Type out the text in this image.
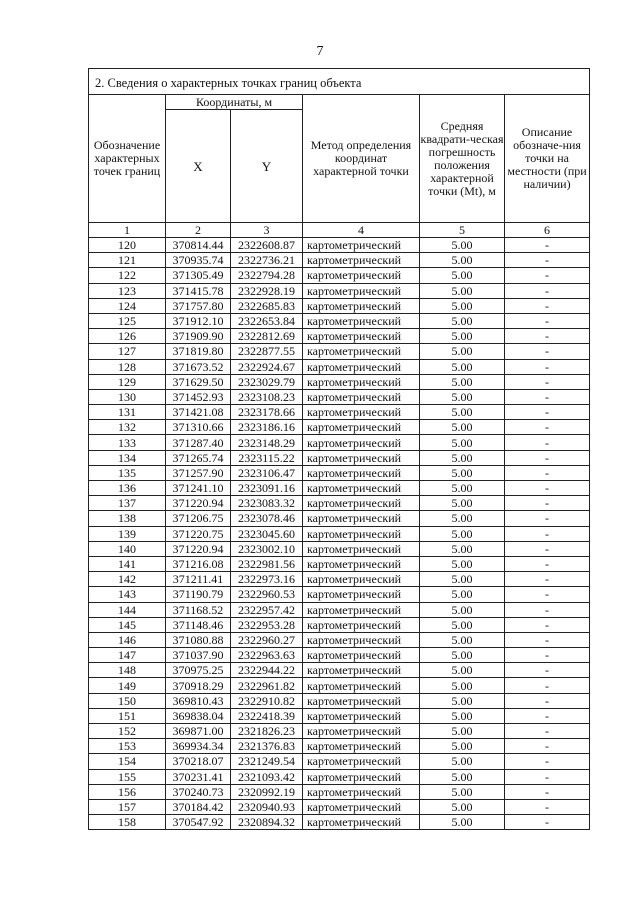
7
2. Сведения о характерных точках границ объекта					
Обозначение характерных точек границ	Координаты, м		Метод определения координат характерной точки	Средняя квадрати-ческая погрешность положения характерной точки (Mt), м	Описание обозначе-ния точки на местности (при наличии)
	X	Y			
1	2	3	4	5	6
120	370814.44	2322608.87	картометрический	5.00	-
121	370935.74	2322736.21	картометрический	5.00	-
122	371305.49	2322794.28	картометрический	5.00	-
123	371415.78	2322928.19	картометрический	5.00	-
124	371757.80	2322685.83	картометрический	5.00	-
125	371912.10	2322653.84	картометрический	5.00	-
126	371909.90	2322812.69	картометрический	5.00	-
127	371819.80	2322877.55	картометрический	5.00	-
128	371673.52	2322924.67	картометрический	5.00	-
129	371629.50	2323029.79	картометрический	5.00	-
130	371452.93	2323108.23	картометрический	5.00	-
131	371421.08	2323178.66	картометрический	5.00	-
132	371310.66	2323186.16	картометрический	5.00	-
133	371287.40	2323148.29	картометрический	5.00	-
134	371265.74	2323115.22	картометрический	5.00	-
135	371257.90	2323106.47	картометрический	5.00	-
136	371241.10	2323091.16	картометрический	5.00	-
137	371220.94	2323083.32	картометрический	5.00	-
138	371206.75	2323078.46	картометрический	5.00	-
139	371220.75	2323045.60	картометрический	5.00	-
140	371220.94	2323002.10	картометрический	5.00	-
141	371216.08	2322981.56	картометрический	5.00	-
142	371211.41	2322973.16	картометрический	5.00	-
143	371190.79	2322960.53	картометрический	5.00	-
144	371168.52	2322957.42	картометрический	5.00	-
145	371148.46	2322953.28	картометрический	5.00	-
146	371080.88	2322960.27	картометрический	5.00	-
147	371037.90	2322963.63	картометрический	5.00	-
148	370975.25	2322944.22	картометрический	5.00	-
149	370918.29	2322961.82	картометрический	5.00	-
150	369810.43	2322910.82	картометрический	5.00	-
151	369838.04	2322418.39	картометрический	5.00	-
152	369871.00	2321826.23	картометрический	5.00	-
153	369934.34	2321376.83	картометрический	5.00	-
154	370218.07	2321249.54	картометрический	5.00	-
155	370231.41	2321093.42	картометрический	5.00	-
156	370240.73	2320992.19	картометрический	5.00	-
157	370184.42	2320940.93	картометрический	5.00	-
158	370547.92	2320894.32	картометрический	5.00	-
